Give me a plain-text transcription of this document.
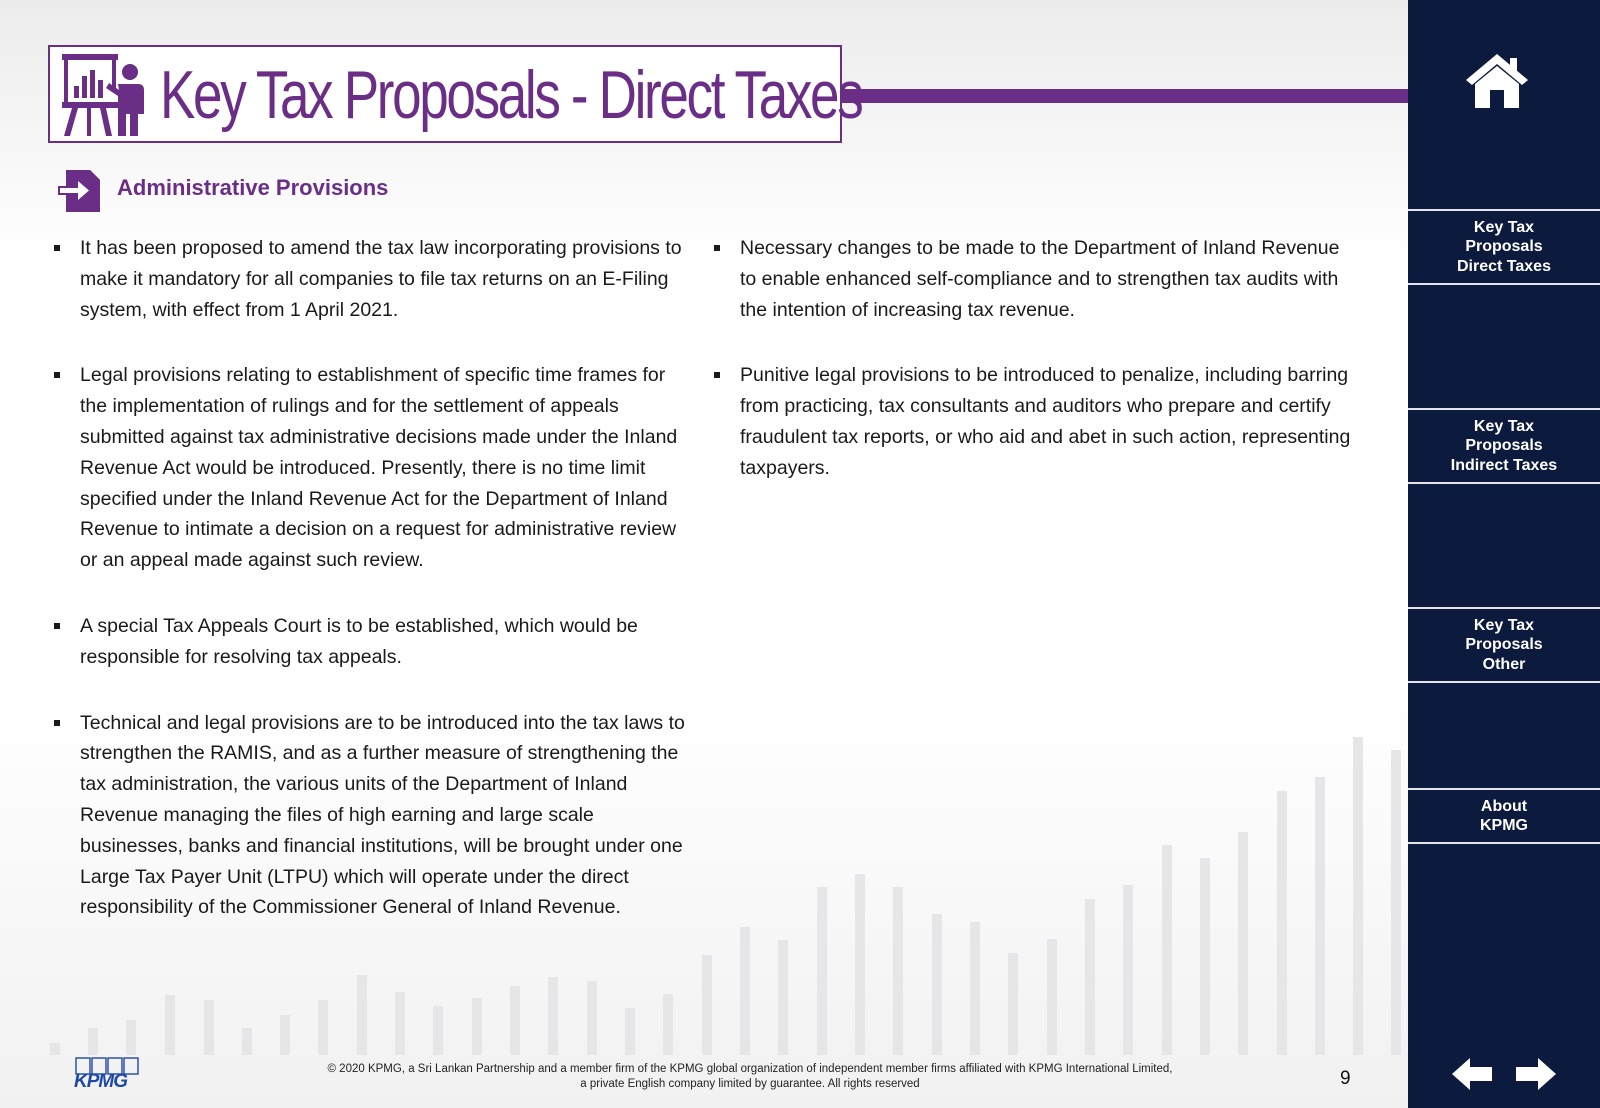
Key Tax Proposals - Direct Taxes
Administrative Provisions

It has been proposed to amend the tax law incorporating provisions to make it mandatory for all companies to file tax returns on an E-Filing system, with effect from 1 April 2021.

Legal provisions relating to establishment of specific time frames for the implementation of rulings and for the settlement of appeals submitted against tax administrative decisions made under the Inland Revenue Act would be introduced. Presently, there is no time limit specified under the Inland Revenue Act for the Department of Inland Revenue to intimate a decision on a request for administrative review or an appeal made against such review.

A special Tax Appeals Court is to be established, which would be responsible for resolving tax appeals.

Technical and legal provisions are to be introduced into the tax laws to strengthen the RAMIS, and as a further measure of strengthening the tax administration, the various units of the Department of Inland Revenue managing the files of high earning and large scale businesses, banks and financial institutions, will be brought under one Large Tax Payer Unit (LTPU) which will operate under the direct responsibility of the Commissioner General of Inland Revenue.

Necessary changes to be made to the Department of Inland Revenue to enable enhanced self-compliance and to strengthen tax audits with the intention of increasing tax revenue.

Punitive legal provisions to be introduced to penalize, including barring from practicing, tax consultants and auditors who prepare and certify fraudulent tax reports, or who aid and abet in such action, representing taxpayers.

Key Tax
Proposals
Direct Taxes
Key Tax
Proposals
Indirect Taxes
Key Tax
Proposals
Other
About
KPMG
KPMG
© 2020 KPMG, a Sri Lankan Partnership and a member firm of the KPMG global organization of independent member firms affiliated with KPMG International Limited,
a private English company limited by guarantee. All rights reserved	9
